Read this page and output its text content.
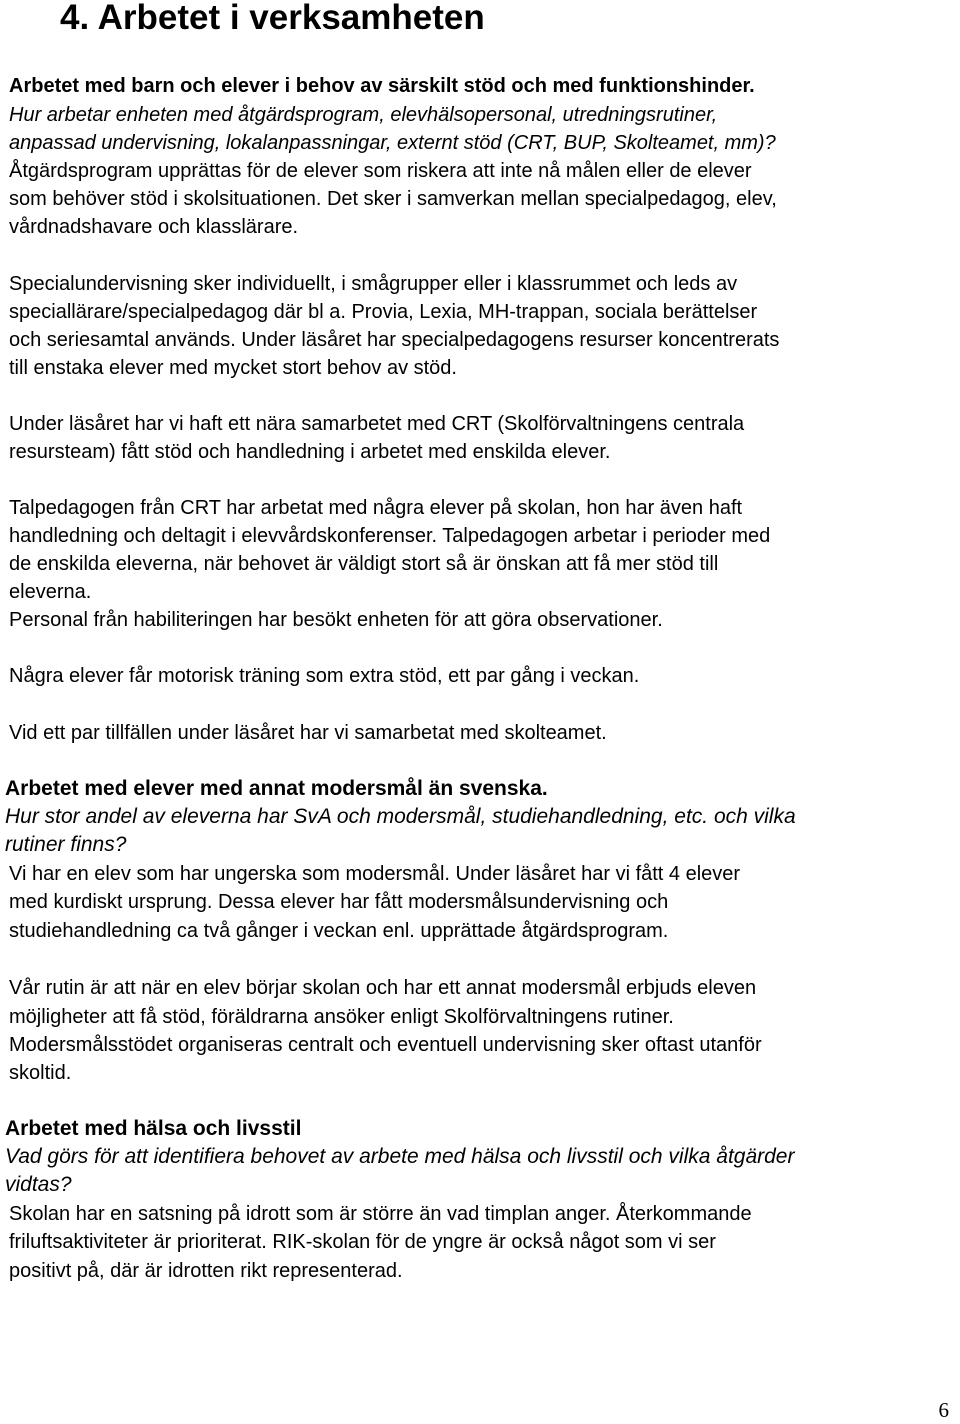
4. Arbetet i verksamheten

Arbetet med barn och elever i behov av särskilt stöd och med funktionshinder.

Hur arbetar enheten med åtgärdsprogram, elevhälsopersonal, utredningsrutiner,

anpassad undervisning, lokalanpassningar, externt stöd (CRT, BUP, Skolteamet, mm)?

Åtgärdsprogram upprättas för de elever som riskera att inte nå målen eller de elever

som behöver stöd i skolsituationen. Det sker i samverkan mellan specialpedagog, elev,

vårdnadshavare och klasslärare.

Specialundervisning sker individuellt, i smågrupper eller i klassrummet och leds av

speciallärare/specialpedagog där bl a. Provia, Lexia, MH-trappan, sociala berättelser

och seriesamtal används. Under läsåret har specialpedagogens resurser koncentrerats

till enstaka elever med mycket stort behov av stöd.

Under läsåret har vi haft ett nära samarbetet med CRT (Skolförvaltningens centrala

resursteam) fått stöd och handledning i arbetet med enskilda elever.

Talpedagogen från CRT har arbetat med några elever på skolan, hon har även haft

handledning och deltagit i elevvårdskonferenser. Talpedagogen arbetar i perioder med

de enskilda eleverna, när behovet är väldigt stort så är önskan att få mer stöd till

eleverna.

Personal från habiliteringen har besökt enheten för att göra observationer.

Några elever får motorisk träning som extra stöd, ett par gång i veckan.

Vid ett par tillfällen under läsåret har vi samarbetat med skolteamet.

Arbetet med elever med annat modersmål än svenska.

Hur stor andel av eleverna har SvA och modersmål, studiehandledning, etc. och vilka

rutiner finns?

Vi har en elev som har ungerska som modersmål. Under läsåret har vi fått 4 elever

med kurdiskt ursprung. Dessa elever har fått modersmålsundervisning och

studiehandledning ca två gånger i veckan enl. upprättade åtgärdsprogram.

Vår rutin är att när en elev börjar skolan och har ett annat modersmål erbjuds eleven

möjligheter att få stöd, föräldrarna ansöker enligt Skolförvaltningens rutiner.

Modersmålsstödet organiseras centralt och eventuell undervisning sker oftast utanför

skoltid.

Arbetet med hälsa och livsstil

Vad görs för att identifiera behovet av arbete med hälsa och livsstil och vilka åtgärder

vidtas?

Skolan har en satsning på idrott som är större än vad timplan anger. Återkommande

friluftsaktiviteter är prioriterat. RIK-skolan för de yngre är också något som vi ser

positivt på, där är idrotten rikt representerad.

6
